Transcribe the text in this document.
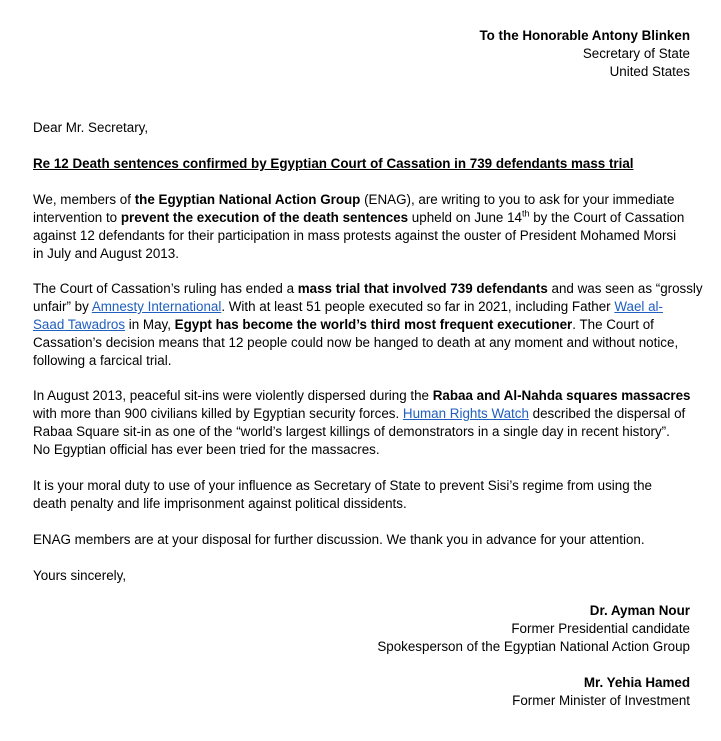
To the Honorable Antony Blinken
Secretary of State
United States
Dear Mr. Secretary,
Re 12 Death sentences confirmed by Egyptian Court of Cassation in 739 defendants mass trial
We, members of the Egyptian National Action Group (ENAG), are writing to you to ask for your immediate
intervention to prevent the execution of the death sentences upheld on June 14th by the Court of Cassation
against 12 defendants for their participation in mass protests against the ouster of President Mohamed Morsi
in July and August 2013.
The Court of Cassation’s ruling has ended a mass trial that involved 739 defendants and was seen as “grossly
unfair” by Amnesty International. With at least 51 people executed so far in 2021, including Father Wael al-
Saad Tawadros in May, Egypt has become the world’s third most frequent executioner. The Court of
Cassation’s decision means that 12 people could now be hanged to death at any moment and without notice,
following a farcical trial.
In August 2013, peaceful sit-ins were violently dispersed during the Rabaa and Al-Nahda squares massacres
with more than 900 civilians killed by Egyptian security forces. Human Rights Watch described the dispersal of
Rabaa Square sit-in as one of the “world’s largest killings of demonstrators in a single day in recent history”.
No Egyptian official has ever been tried for the massacres.
It is your moral duty to use of your influence as Secretary of State to prevent Sisi’s regime from using the
death penalty and life imprisonment against political dissidents.
ENAG members are at your disposal for further discussion. We thank you in advance for your attention.
Yours sincerely,
Dr. Ayman Nour
Former Presidential candidate
Spokesperson of the Egyptian National Action Group
Mr. Yehia Hamed
Former Minister of Investment
